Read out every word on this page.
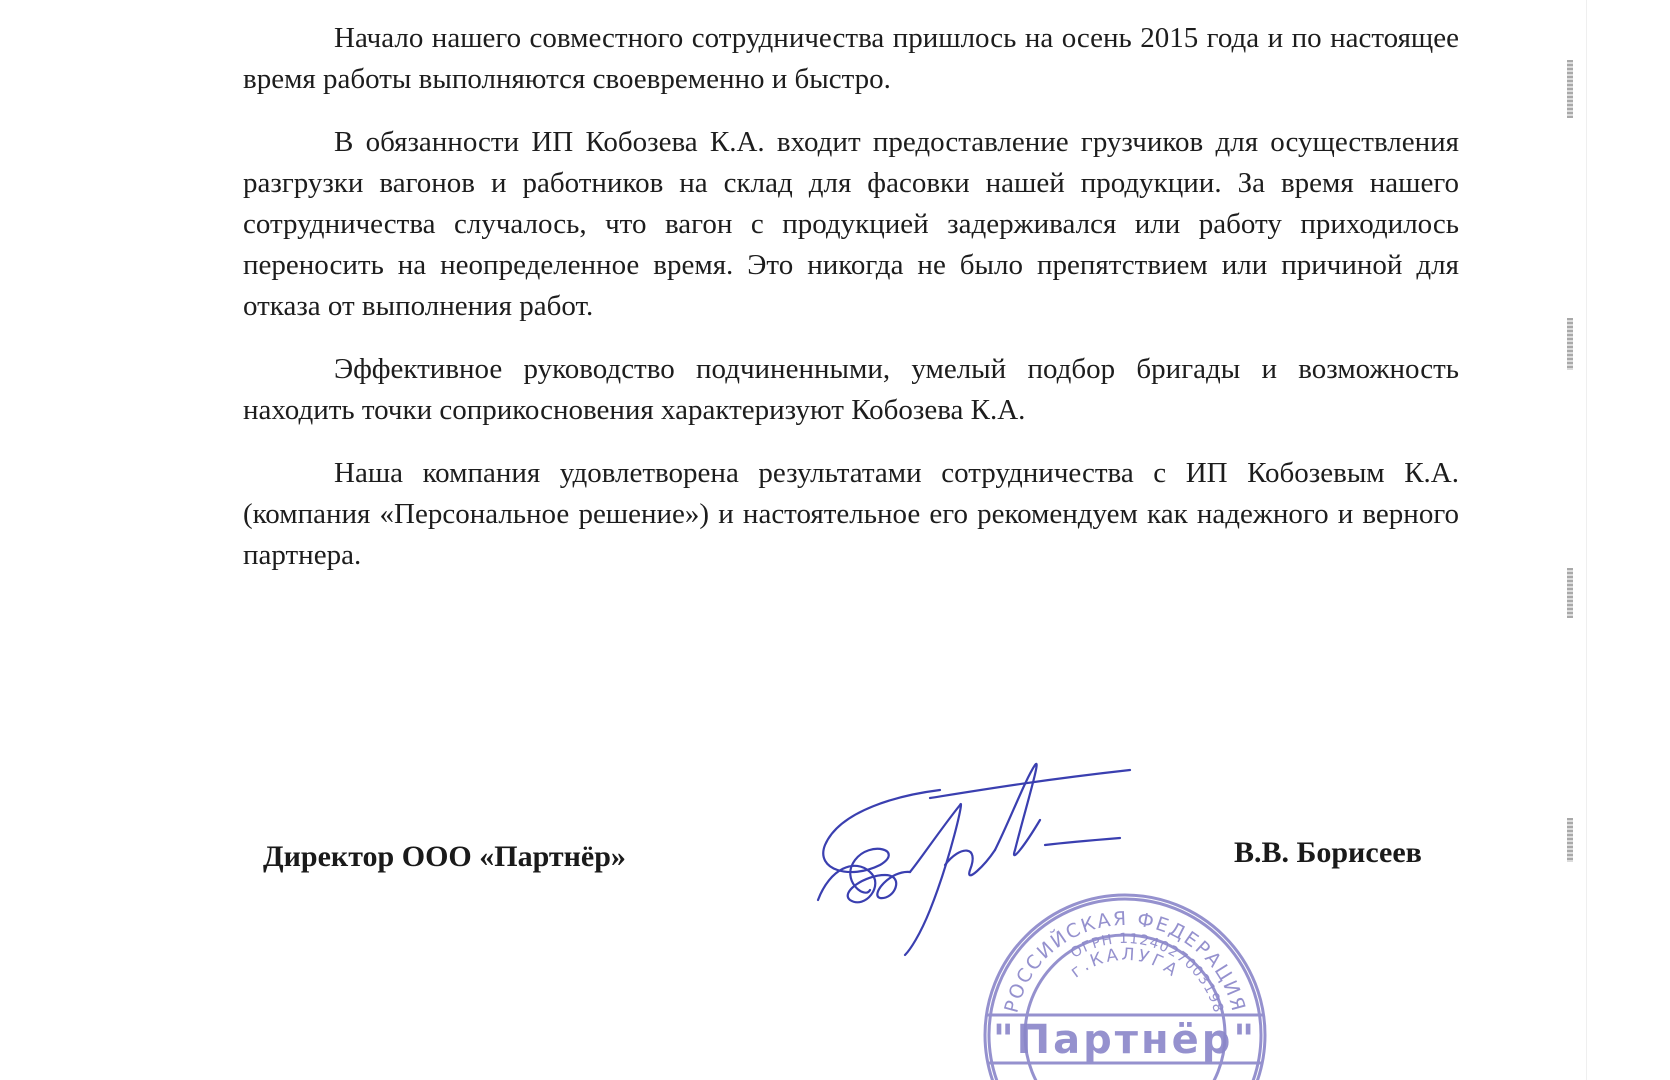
Начало нашего совместного сотрудничества пришлось на осень 2015 года и по настоящее время работы выполняются своевременно и быстро.

В обязанности ИП Кобозева К.А. входит предоставление грузчиков для осуществления разгрузки вагонов и работников на склад для фасовки нашей продукции. За время нашего сотрудничества случалось, что вагон с продукцией задерживался или работу приходилось переносить на неопределенное время. Это никогда не было препятствием или причиной для отказа от выполнения работ.

Эффективное руководство подчиненными, умелый подбор бригады и возможность находить точки соприкосновения характеризуют Кобозева К.А.

Наша компания удовлетворена результатами сотрудничества с ИП Кобозевым К.А. (компания «Персональное решение») и настоятельное его рекомендуем как надежного и верного партнера.

Директор ООО «Партнёр»	В.В. Борисеев
РОССИЙСКАЯ ФЕДЕРАЦИЯ
г.КАЛУГА
ОГРН 1124027003198
"Партнёр"
